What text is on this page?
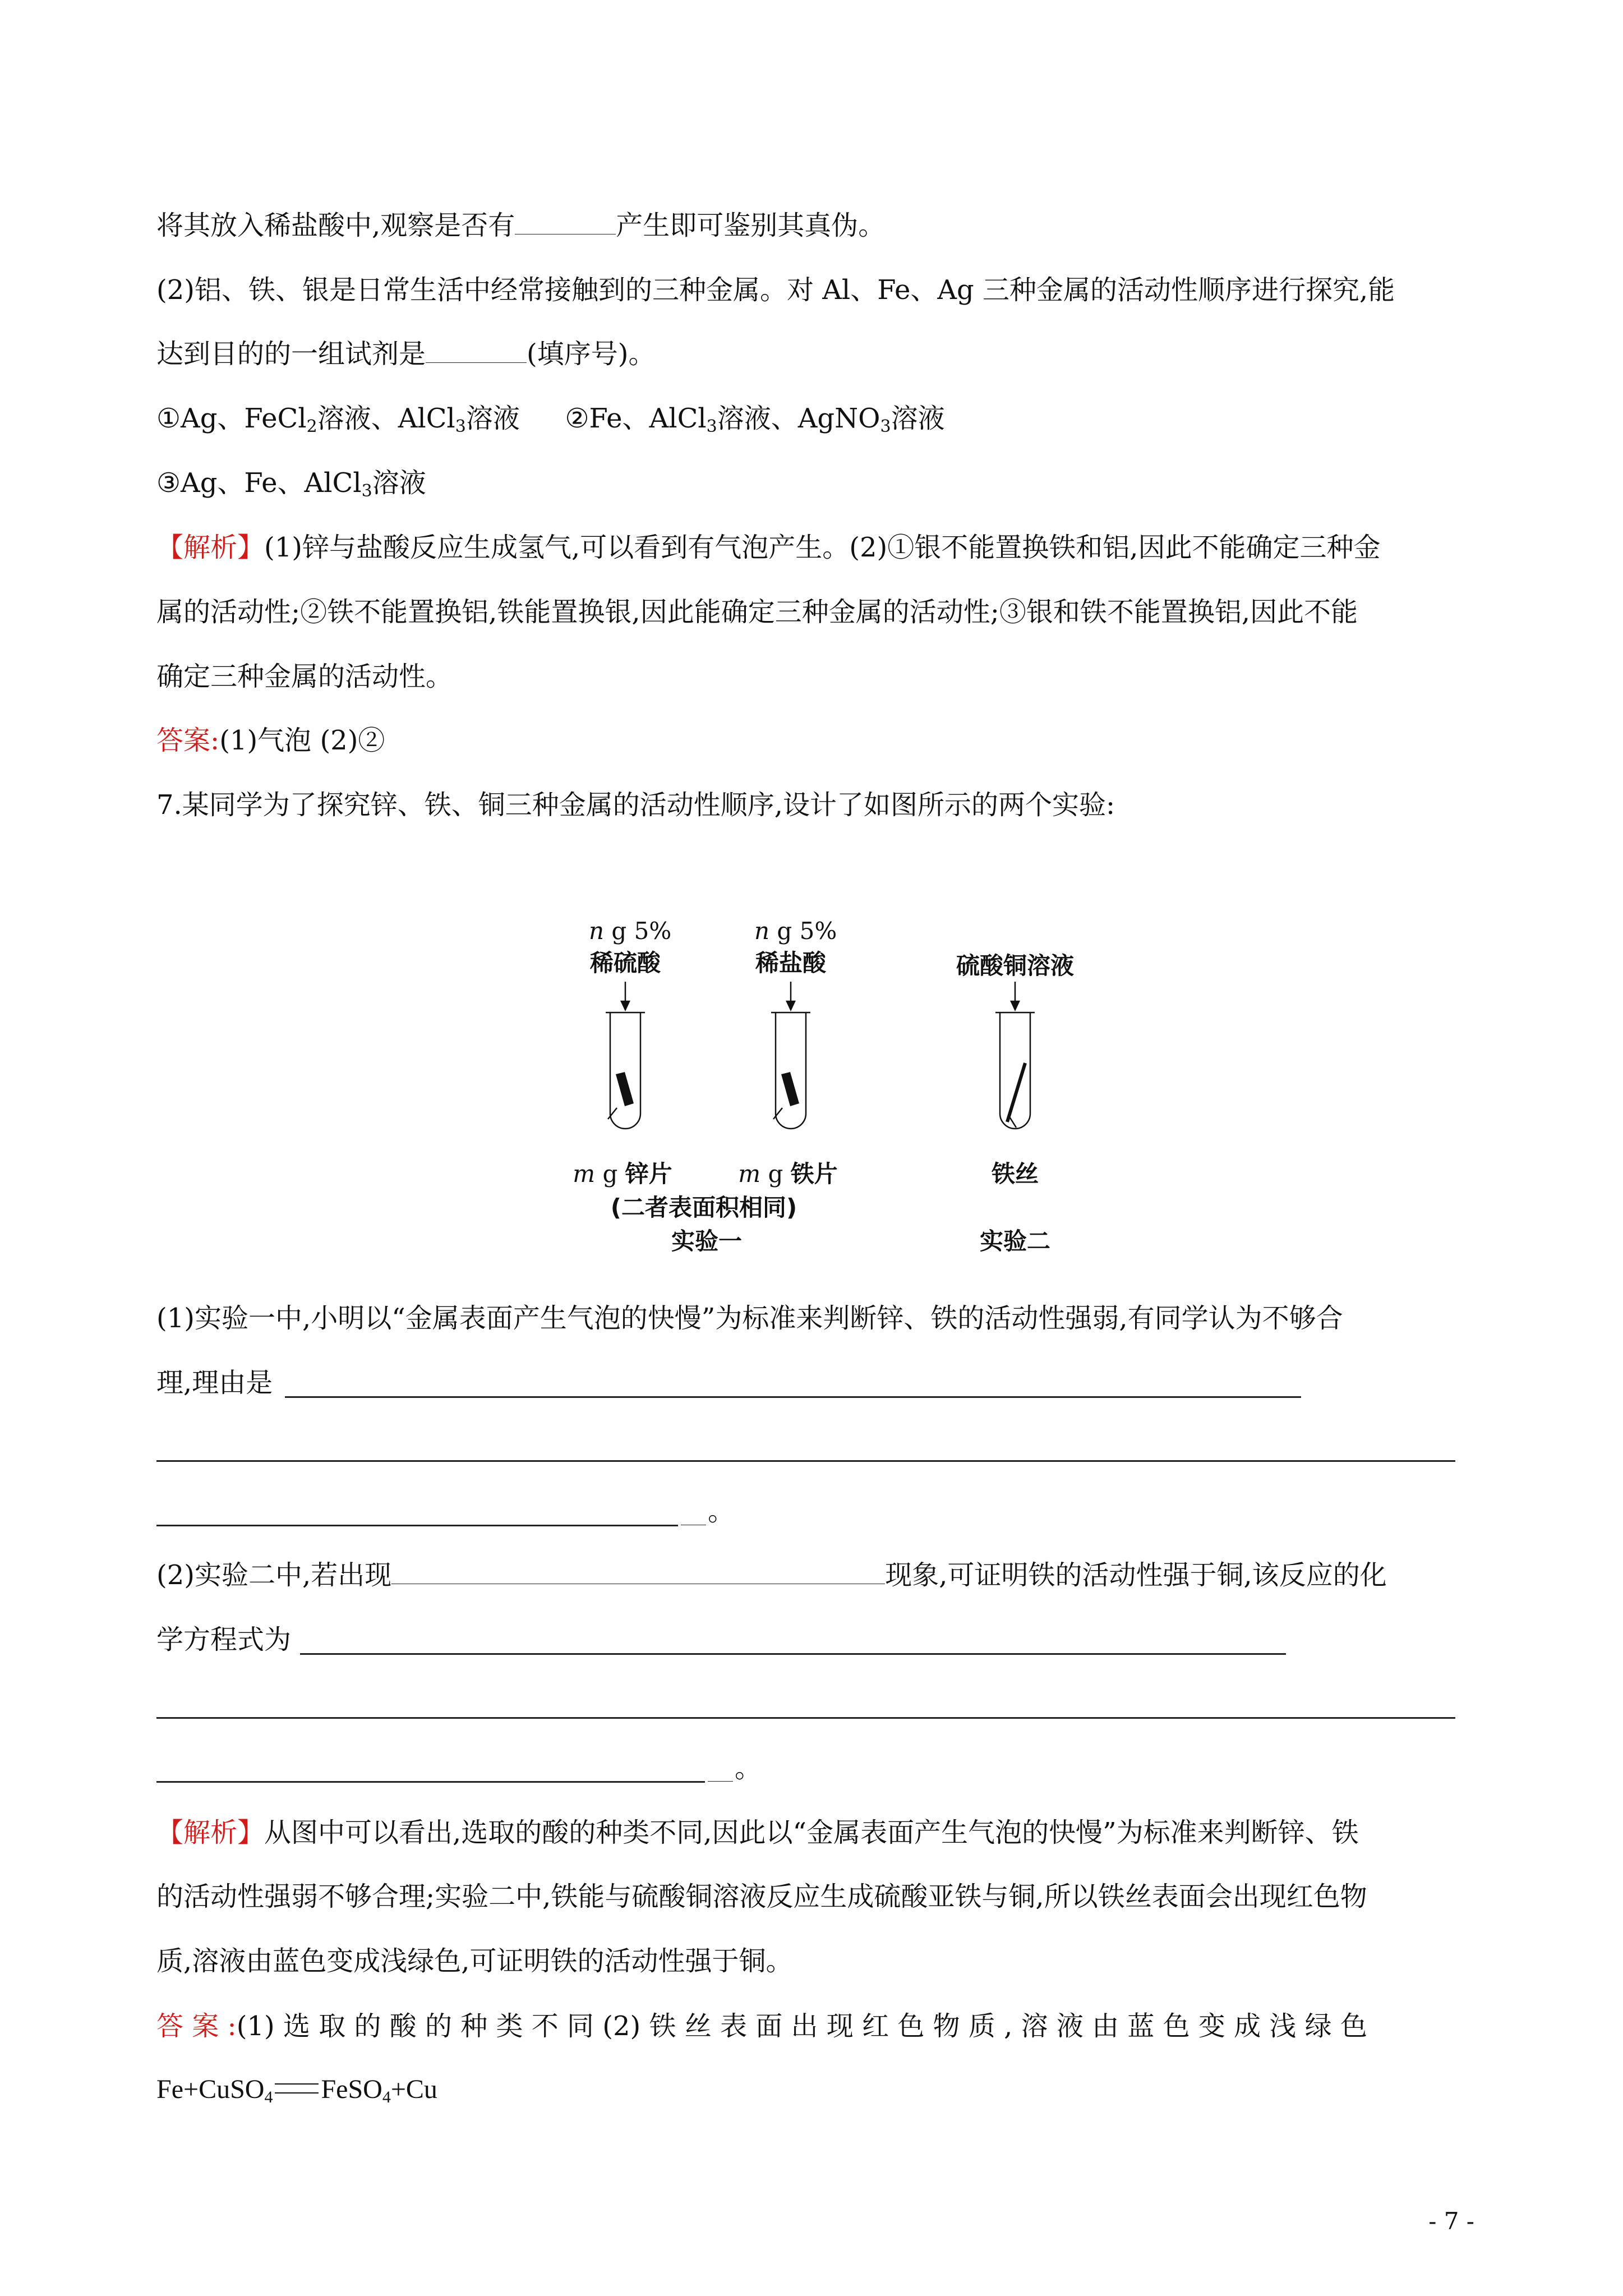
将其放入稀盐酸中,观察是否有	产生即可鉴别其真伪。
(2)铝、铁、银是日常生活中经常接触到的三种金属。对 Al、Fe、Ag 三种金属的活动性顺序进行探究,能
达到目的的一组试剂是	(填序号)。
①Ag、FeCl$_2$溶液、AlCl$_3$溶液 ②Fe、AlCl$_3$溶液、AgNO$_3$溶液
③Ag、Fe、AlCl$_3$溶液
【解析】(1)锌与盐酸反应生成氢气,可以看到有气泡产生。(2)①银不能置换铁和铝,因此不能确定三种金
属的活动性;②铁不能置换铝,铁能置换银,因此能确定三种金属的活动性;③银和铁不能置换铝,因此不能
确定三种金属的活动性。
答案:(1)气泡 (2)②
7.某同学为了探究锌、铁、铜三种金属的活动性顺序,设计了如图所示的两个实验:
n g 5%
稀硫酸
n g 5%
稀盐酸	硫酸铜溶液
m g 锌片	m g 铁片	铁丝
(二者表面积相同)
实验一	实验二
(1)实验一中,小明以“金属表面产生气泡的快慢”为标准来判断锌、铁的活动性强弱,有同学认为不够合
理,理由是
。
(2)实验二中,若出现	现象,可证明铁的活动性强于铜,该反应的化
学方程式为
。
【解析】从图中可以看出,选取的酸的种类不同,因此以“金属表面产生气泡的快慢”为标准来判断锌、铁
的活动性强弱不够合理;实验二中,铁能与硫酸铜溶液反应生成硫酸亚铁与铜,所以铁丝表面会出现红色物
质,溶液由蓝色变成浅绿色,可证明铁的活动性强于铜。
答 案 :(1) 选 取 的 酸 的 种 类 不 同 (2) 铁 丝 表 面 出 现 红 色 物 质 , 溶 液 由 蓝 色 变 成 浅 绿 色
Fe+CuSO$_4$ FeSO$_4$+Cu
- 7 -
